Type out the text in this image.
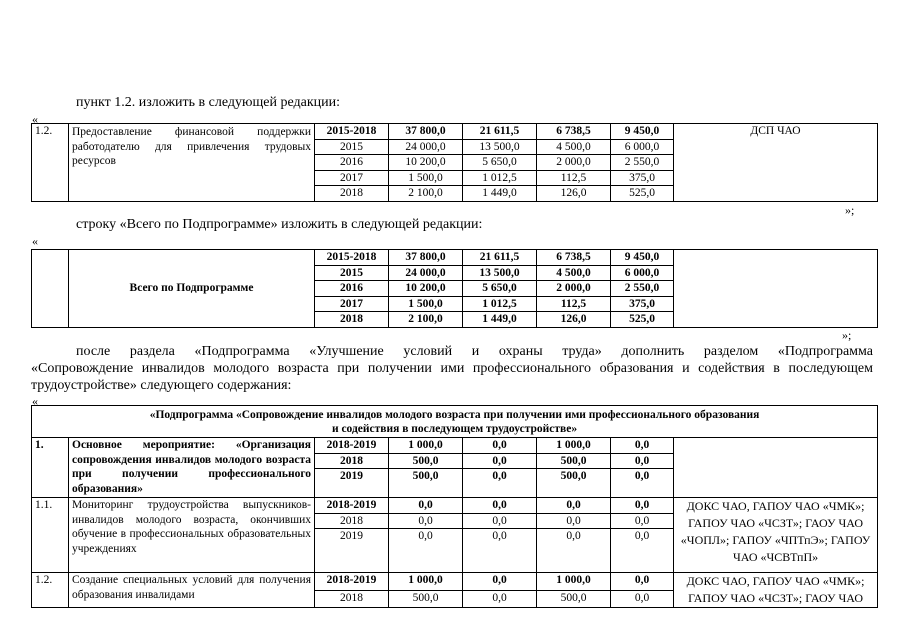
пункт 1.2. изложить в следующей редакции:
«
1.2.	Предоставление финансовой поддержки работодателю для привлечения трудовых ресурсов	2015-2018	37 800,0	21 611,5	6 738,5	9 450,0	ДСП ЧАО
		2015	24 000,0	13 500,0	4 500,0	6 000,0	
		2016	10 200,0	5 650,0	2 000,0	2 550,0	
		2017	1 500,0	1 012,5	112,5	375,0	
		2018	2 100,0	1 449,0	126,0	525,0	
»;
строку «Всего по Подпрограмме» изложить в следующей редакции:
«
	Всего по Подпрограмме	2015-2018	37 800,0	21 611,5	6 738,5	9 450,0	
		2015	24 000,0	13 500,0	4 500,0	6 000,0	
		2016	10 200,0	5 650,0	2 000,0	2 550,0	
		2017	1 500,0	1 012,5	112,5	375,0	
		2018	2 100,0	1 449,0	126,0	525,0	
»;
после раздела «Подпрограмма «Улучшение условий и охраны труда» дополнить разделом «Подпрограмма
«Сопровождение инвалидов молодого возраста при получении ими профессионального образования и содействия в последующем
трудоустройстве» следующего содержания:
«
«Подпрограмма «Сопровождение инвалидов молодого возраста при получении ими профессионального образования
и содействия в последующем трудоустройстве»							

1.	Основное мероприятие: «Организация сопровождения инвалидов молодого возраста при получении профессионального образования»	2018-2019	1 000,0	0,0	1 000,0	0,0	
		2018	500,0	0,0	500,0	0,0	
		2019	500,0	0,0	500,0	0,0	
1.1.	Мониторинг трудоустройства выпускников-инвалидов молодого возраста, окончивших обучение в профессиональных образовательных учреждениях	2018-2019	0,0	0,0	0,0	0,0	ДОКС ЧАО, ГАПОУ ЧАО «ЧМК»; ГАПОУ ЧАО «ЧСЗТ»; ГАОУ ЧАО «ЧОПЛ»; ГАПОУ «ЧПТпЭ»; ГАПОУ ЧАО «ЧСВТпП»
		2018	0,0	0,0	0,0	0,0	
		2019	0,0	0,0	0,0	0,0	
1.2.	Создание специальных условий для получения образования инвалидами	2018-2019	1 000,0	0,0	1 000,0	0,0	ДОКС ЧАО, ГАПОУ ЧАО «ЧМК»; ГАПОУ ЧАО «ЧСЗТ»; ГАОУ ЧАО
		2018	500,0	0,0	500,0	0,0	
